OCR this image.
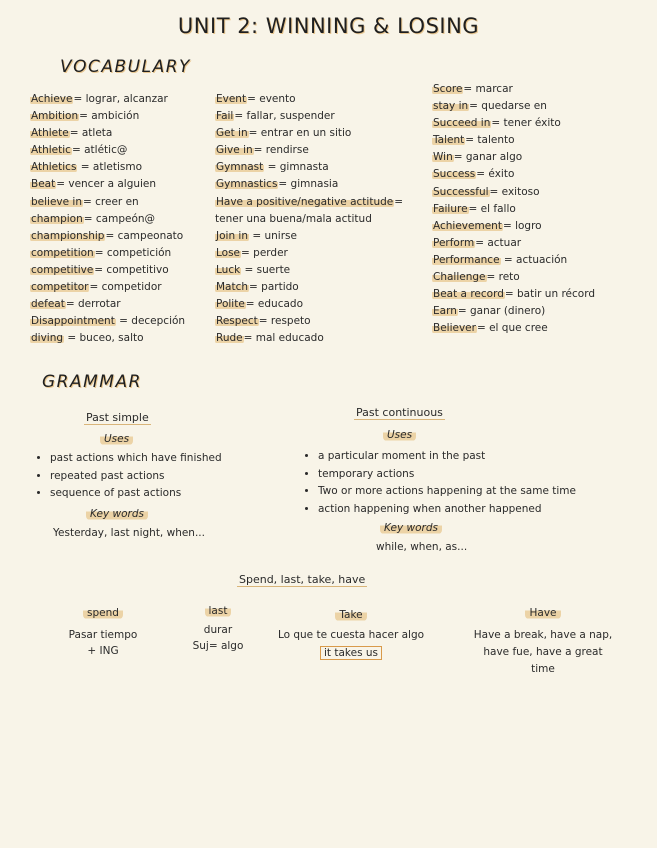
UNIT 2: WINNING & LOSING
VOCABULARY
Achieve= lograr, alcanzar
Ambition= ambición
Athlete= atleta
Athletic= atlétic@
Athletics = atletismo
Beat= vencer a alguien
believe in= creer en
champion= campeón@
championship= campeonato
competition= competición
competitive= competitivo
competitor= competidor
defeat= derrotar
Disappointment = decepción
diving = buceo, salto
Event= evento
Fail= fallar, suspender
Get in= entrar en un sitio
Give in= rendirse
Gymnast = gimnasta
Gymnastics= gimnasia
Have a positive/negative actitude=
tener una buena/mala actitud
Join in = unirse
Lose= perder
Luck = suerte
Match= partido
Polite= educado
Respect= respeto
Rude= mal educado
Score= marcar
stay in= quedarse en
Succeed in= tener éxito
Talent= talento
Win= ganar algo
Success= éxito
Successful= exitoso
Failure= el fallo
Achievement= logro
Perform= actuar
Performance = actuación
Challenge= reto
Beat a record= batir un récord
Earn= ganar (dinero)
Believer= el que cree
GRAMMAR
Past simple
Uses
• past actions which have finished
• repeated past actions
• sequence of past actions
Key words
Yesterday, last night, when...
Past continuous
Uses
• a particular moment in the past
• temporary actions
• Two or more actions happening at the same time
• action happening when another happened
Key words
while, when, as...
Spend, last, take, have
spend
Pasar tiempo
+ ING
last
durar
Suj= algo
Take
Lo que te cuesta hacer algo
it takes us
Have
Have a break, have a nap,
have fue, have a great time
